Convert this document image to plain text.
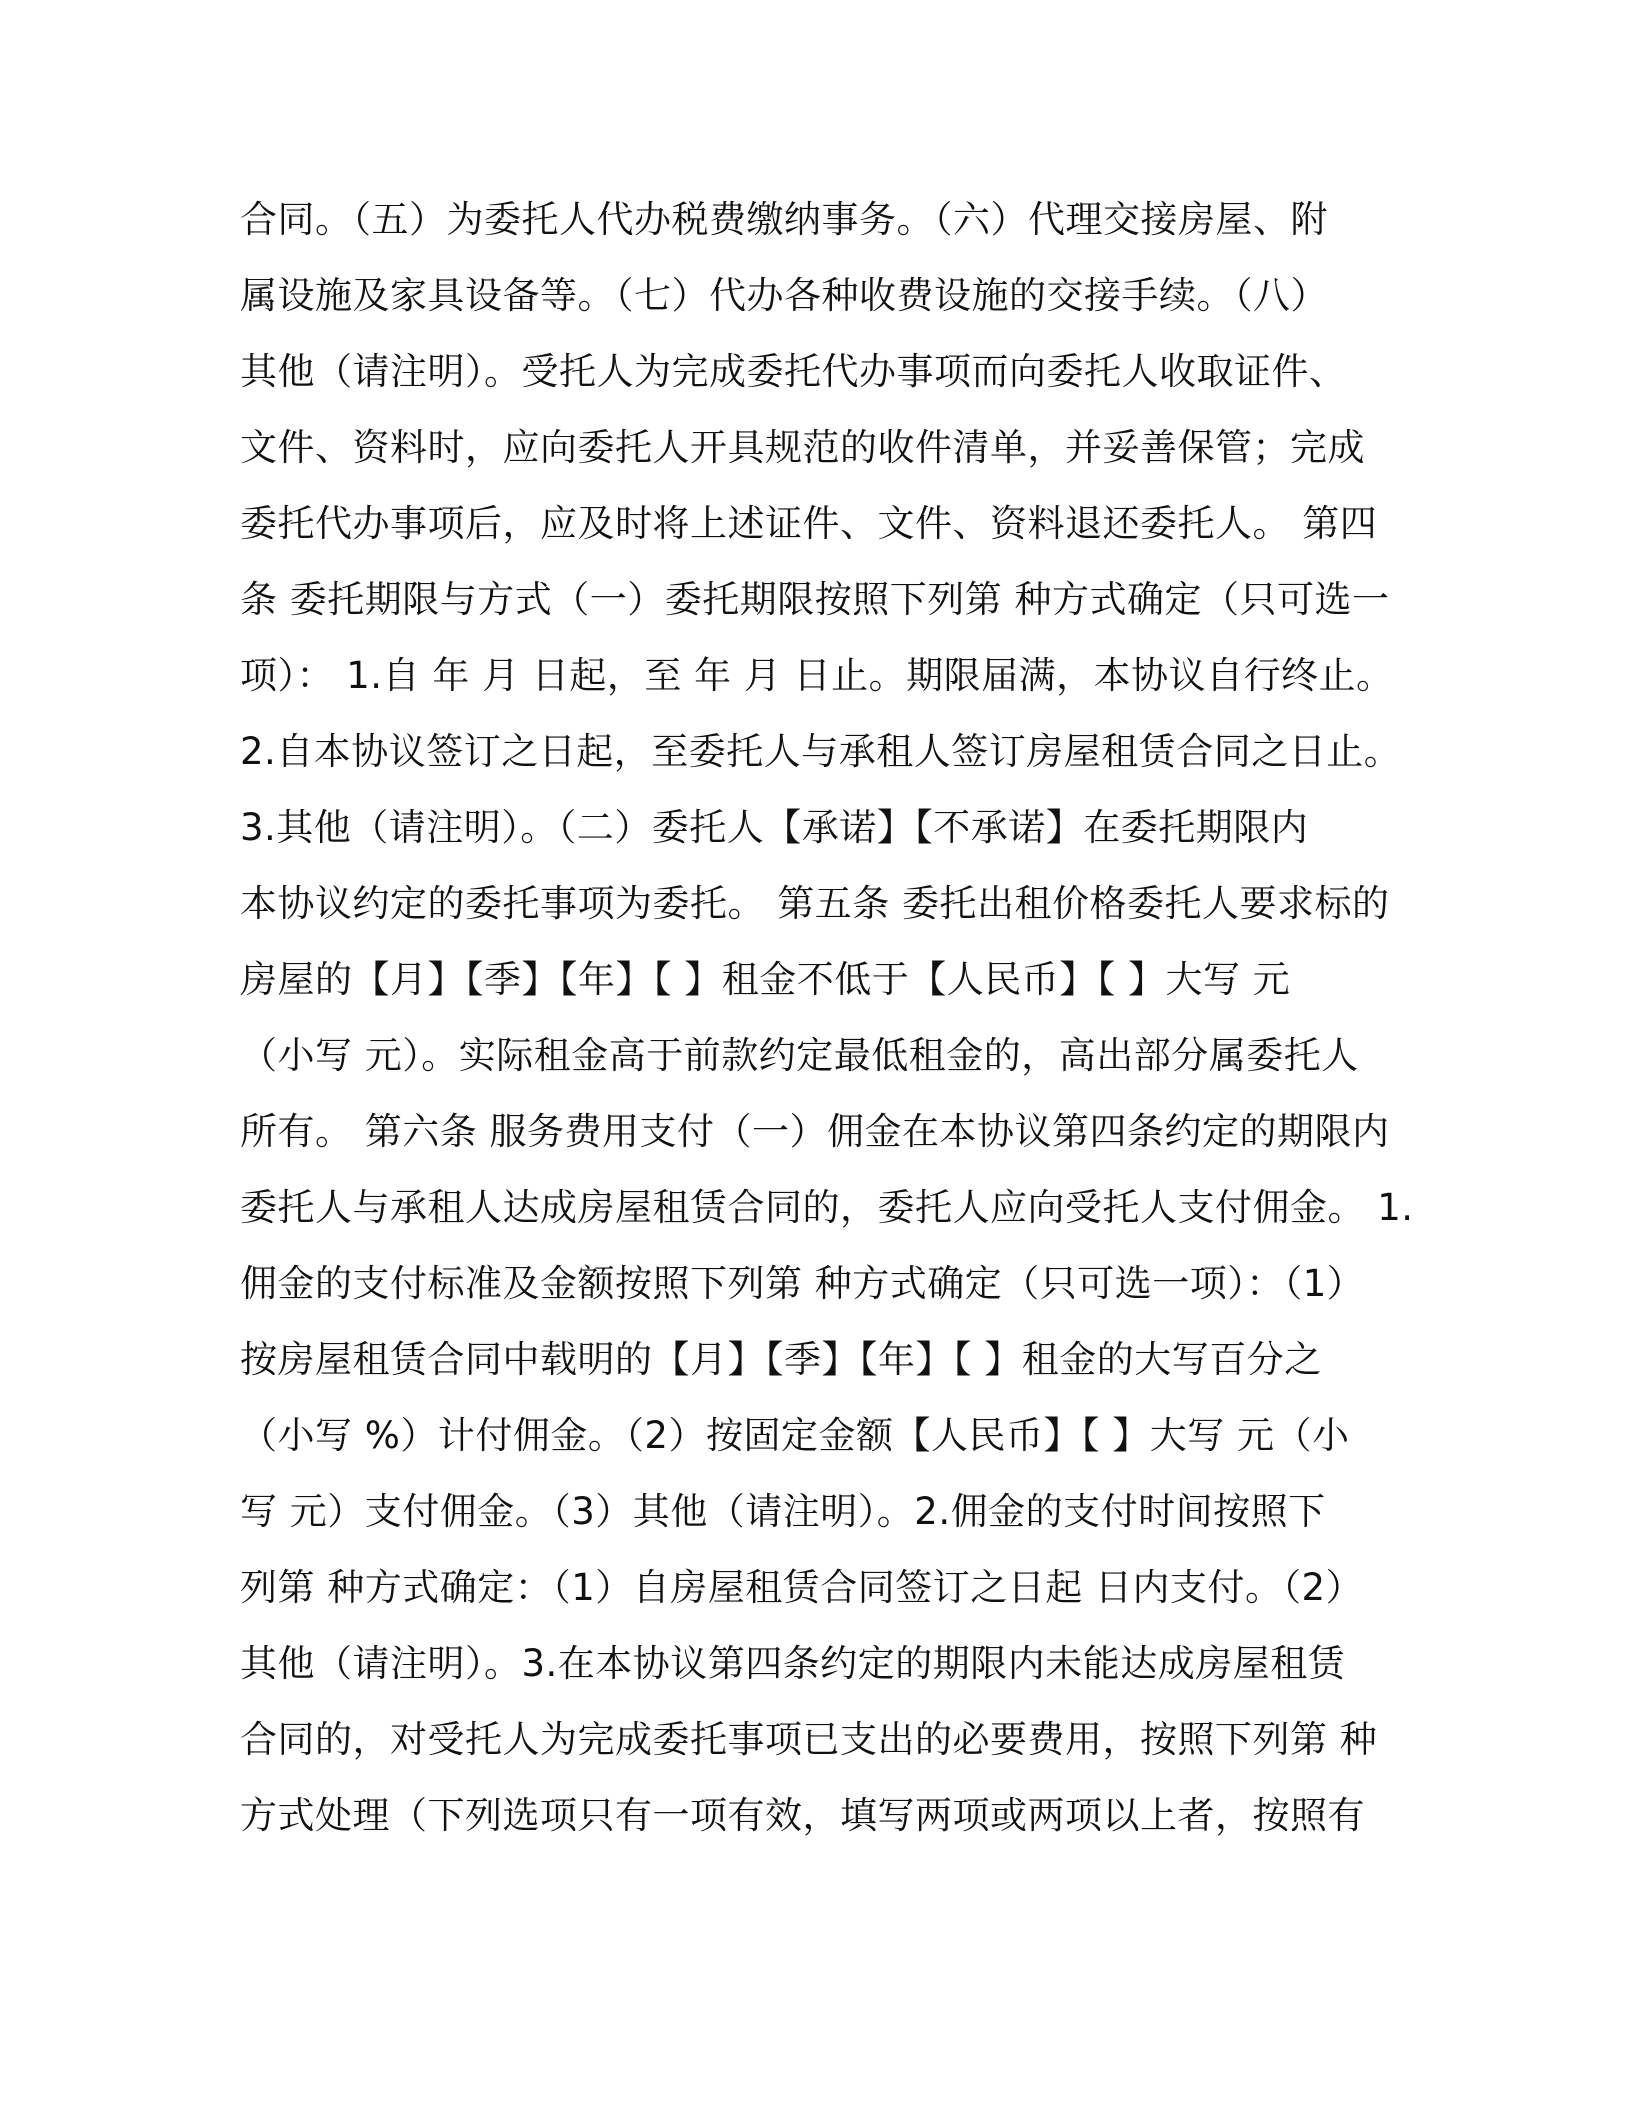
合同。（五）为委托人代办税费缴纳事务。（六）代理交接房屋、附
属设施及家具设备等。（七）代办各种收费设施的交接手续。（八）
其他（请注明）。受托人为完成委托代办事项而向委托人收取证件、
文件、资料时，应向委托人开具规范的收件清单，并妥善保管；完成
委托代办事项后，应及时将上述证件、文件、资料退还委托人。 第四
条 委托期限与方式（一）委托期限按照下列第 种方式确定（只可选一
项）： 1.自 年 月 日起，至 年 月 日止。期限届满，本协议自行终止。
2.自本协议签订之日起，至委托人与承租人签订房屋租赁合同之日止。
3.其他（请注明）。（二）委托人【承诺】【不承诺】在委托期限内
本协议约定的委托事项为委托。 第五条 委托出租价格委托人要求标的
房屋的【月】【季】【年】【 】租金不低于【人民币】【 】大写 元
（小写 元）。实际租金高于前款约定最低租金的，高出部分属委托人
所有。 第六条 服务费用支付（一）佣金在本协议第四条约定的期限内
委托人与承租人达成房屋租赁合同的，委托人应向受托人支付佣金。 1.
佣金的支付标准及金额按照下列第 种方式确定（只可选一项）：（1）
按房屋租赁合同中载明的【月】【季】【年】【 】租金的大写百分之
（小写 %）计付佣金。（2）按固定金额【人民币】【 】大写 元（小
写 元）支付佣金。（3）其他（请注明）。2.佣金的支付时间按照下
列第 种方式确定：（1）自房屋租赁合同签订之日起 日内支付。（2）
其他（请注明）。3.在本协议第四条约定的期限内未能达成房屋租赁
合同的，对受托人为完成委托事项已支出的必要费用，按照下列第 种
方式处理（下列选项只有一项有效，填写两项或两项以上者，按照有
